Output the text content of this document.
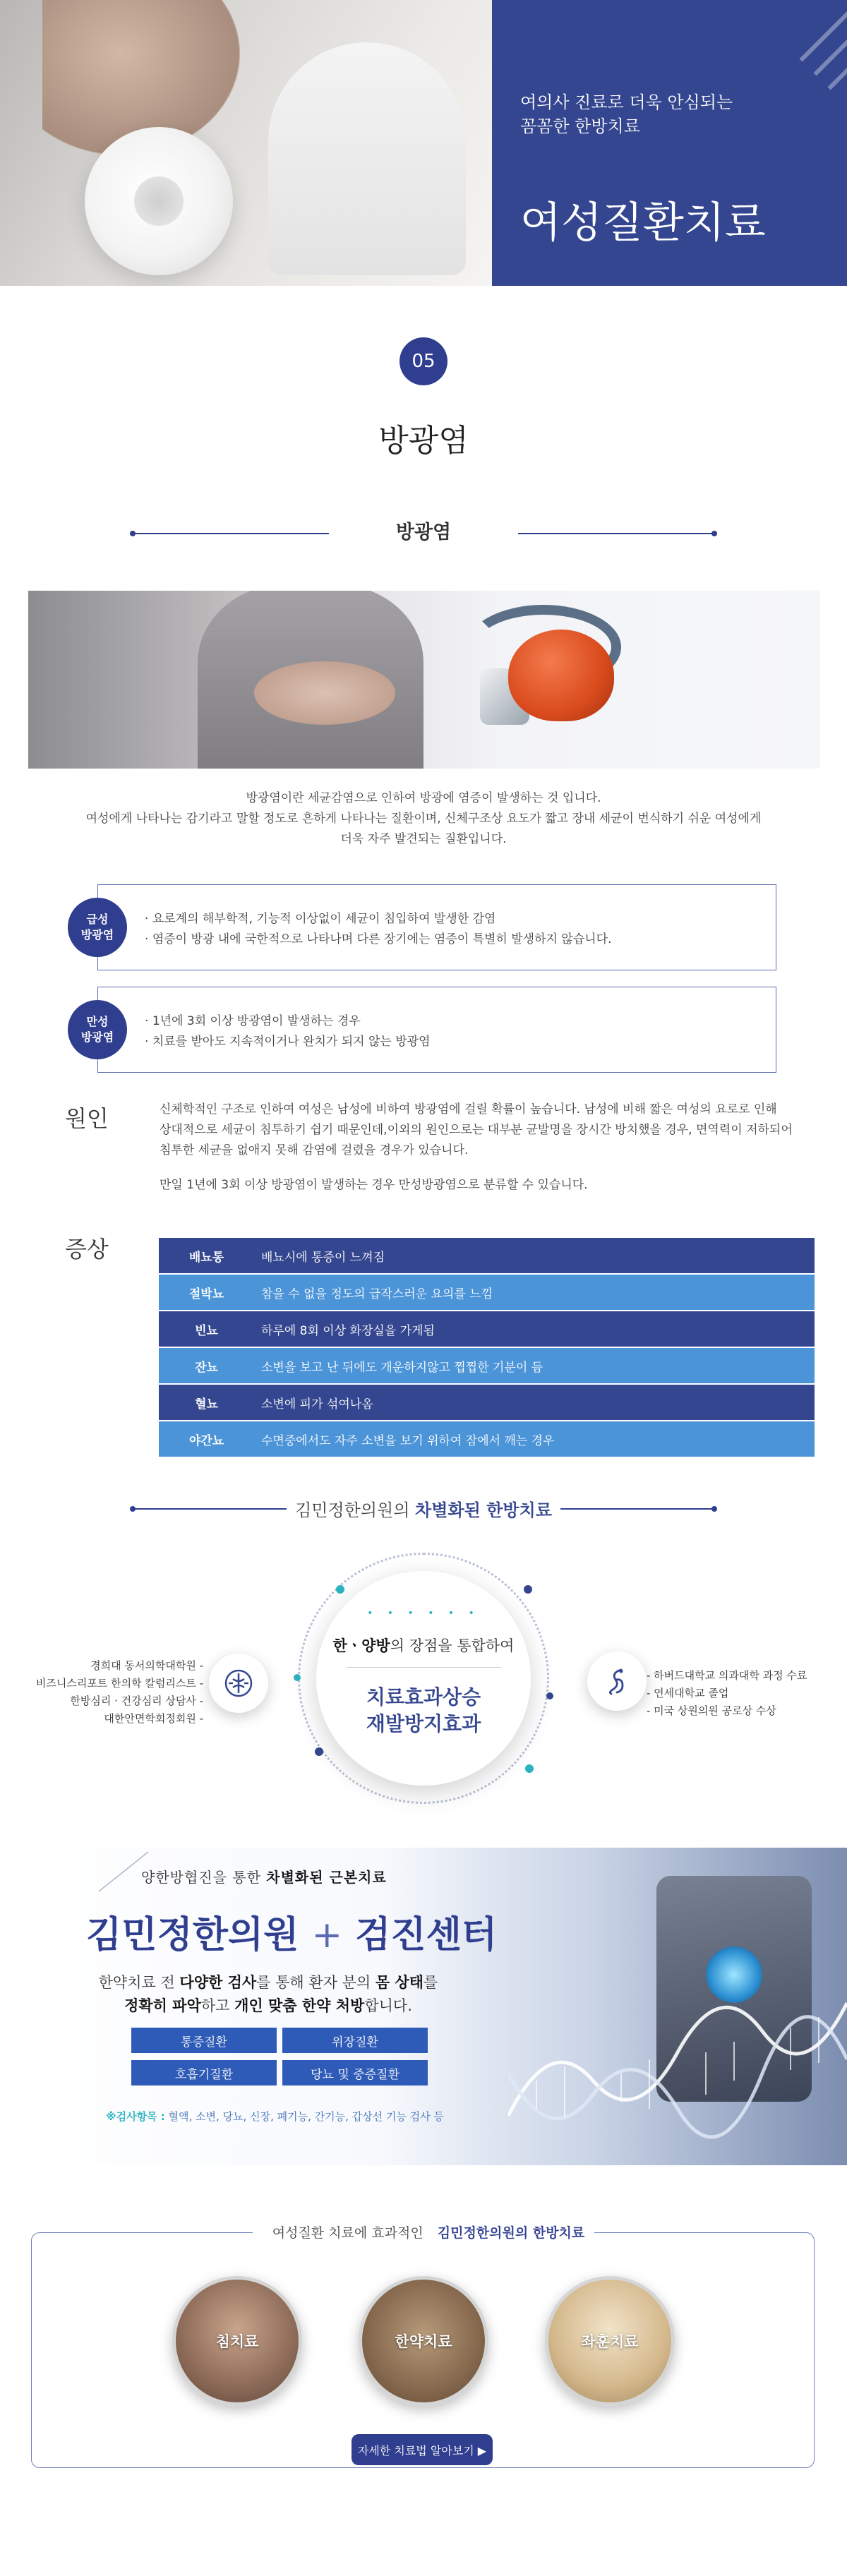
여의사 진료로 더욱 안심되는
꼼꼼한 한방치료
여성질환치료
05
방광염
방광염
방광염이란 세균감염으로 인하여 방광에 염증이 발생하는 것 입니다.
여성에게 나타나는 감기라고 말할 정도로 흔하게 나타나는 질환이며, 신체구조상 요도가 짧고 장내 세균이 번식하기 쉬운 여성에게
더욱 자주 발견되는 질환입니다.
· 요로계의 해부학적, 기능적 이상없이 세균이 침입하여 발생한 감염
· 염증이 방광 내에 국한적으로 나타나며 다른 장기에는 염증이 특별히 발생하지 않습니다.
급성
방광염
· 1년에 3회 이상 방광염이 발생하는 경우
· 치료를 받아도 지속적이거나 완치가 되지 않는 방광염
만성
방광염
원인	신체학적인 구조로 인하여 여성은 남성에 비하여 방광염에 걸릴 확률이 높습니다. 남성에 비해 짧은 여성의 요로로 인해
상대적으로 세균이 침투하기 쉽기 때문인데,이외의 원인으로는 대부분 균발명을 장시간 방치했을 경우, 면역력이 저하되어
침투한 세균을 없애지 못해 감염에 걸렸을 경우가 있습니다.
만일 1년에 3회 이상 방광염이 발생하는 경우 만성방광염으로 분류할 수 있습니다.
증상	배뇨통	배뇨시에 통증이 느껴짐
절박뇨	참을 수 없을 정도의 급작스러운 요의를 느낌
빈뇨	하루에 8회 이상 화장실을 가게됨
잔뇨	소변을 보고 난 뒤에도 개운하지않고 찝찝한 기분이 듬
혈뇨	소변에 피가 섞여나옴
야간뇨	수면중에서도 자주 소변을 보기 위하여 잠에서 깨는 경우
김민정한의원의 차별화된 한방치료
• • • • • •
한ㆍ양방의 장점을 통합하여
치료효과상승
재발방지효과
경희대 동서의학대학원 -
비즈니스리포트 한의학 칼럼리스트 -
한방심리 · 건강심리 상담사 -
대한안면학회정회원 -
- 하버드대학교 의과대학 과정 수료
- 연세대학교 졸업
- 미국 상원의원 공로상 수상
양한방협진을 통한 차별화된 근본치료
김민정한의원 + 검진센터
한약치료 전 다양한 검사를 통해 환자 분의 몸 상태를
정확히 파악하고 개인 맞춤 한약 처방합니다.
통증질환	위장질환
호흡기질환	당뇨 및 중증질환
※검사항목 : 혈액, 소변, 당뇨, 신장, 폐기능, 간기능, 갑상선 기능 검사 등
여성질환 치료에 효과적인 김민정한의원의 한방치료
침치료	한약치료	좌훈치료
자세한 치료법 알아보기 ▶
